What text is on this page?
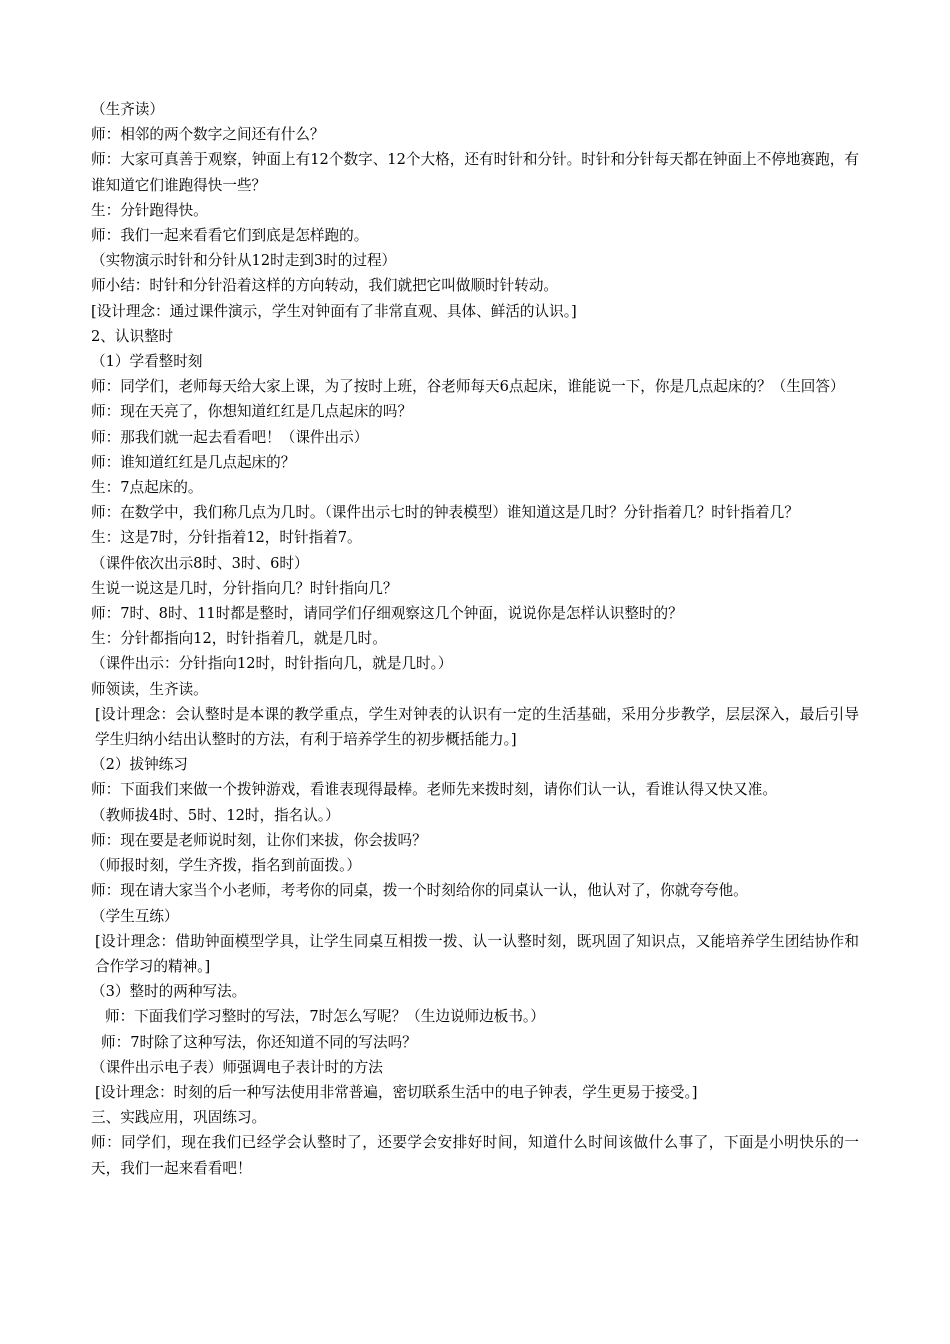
（生齐读）
师：相邻的两个数字之间还有什么？
师：大家可真善于观察，钟面上有12个数字、12个大格，还有时针和分针。时针和分针每天都在钟面上不停地赛跑，有谁知道它们谁跑得快一些？
生：分针跑得快。
师：我们一起来看看它们到底是怎样跑的。
（实物演示时针和分针从12时走到3时的过程）
师小结：时针和分针沿着这样的方向转动，我们就把它叫做顺时针转动。
[设计理念：通过课件演示，学生对钟面有了非常直观、具体、鲜活的认识。]
2、认识整时
（1）学看整时刻
师：同学们，老师每天给大家上课，为了按时上班，谷老师每天6点起床，谁能说一下，你是几点起床的？（生回答）
师：现在天亮了，你想知道红红是几点起床的吗？
师：那我们就一起去看看吧！（课件出示）
师：谁知道红红是几点起床的？
生：7点起床的。
师：在数学中，我们称几点为几时。（课件出示七时的钟表模型）谁知道这是几时？分针指着几？时针指着几？
生：这是7时，分针指着12，时针指着7。
（课件依次出示8时、3时、6时）
生说一说这是几时，分针指向几？时针指向几？
师：7时、8时、11时都是整时，请同学们仔细观察这几个钟面，说说你是怎样认识整时的？
生：分针都指向12，时针指着几，就是几时。
（课件出示：分针指向12时，时针指向几，就是几时。）
师领读，生齐读。
[设计理念：会认整时是本课的教学重点，学生对钟表的认识有一定的生活基础，采用分步教学，层层深入，最后引导学生归纳小结出认整时的方法，有利于培养学生的初步概括能力。]
（2）拔钟练习
师：下面我们来做一个拨钟游戏，看谁表现得最棒。老师先来拨时刻，请你们认一认，看谁认得又快又准。
（教师拔4时、5时、12时，指名认。）
师：现在要是老师说时刻，让你们来拔，你会拔吗？
（师报时刻，学生齐拨，指名到前面拨。）
师：现在请大家当个小老师，考考你的同桌，拨一个时刻给你的同桌认一认，他认对了，你就夸夸他。
（学生互练）
[设计理念：借助钟面模型学具，让学生同桌互相拨一拨、认一认整时刻，既巩固了知识点，又能培养学生团结协作和合作学习的精神。]
（3）整时的两种写法。
师：下面我们学习整时的写法，7时怎么写呢？（生边说师边板书。）
师：7时除了这种写法，你还知道不同的写法吗？
（课件出示电子表）师强调电子表计时的方法
[设计理念：时刻的后一种写法使用非常普遍，密切联系生活中的电子钟表，学生更易于接受。]
三、实践应用，巩固练习。
师：同学们，现在我们已经学会认整时了，还要学会安排好时间，知道什么时间该做什么事了，下面是小明快乐的一天，我们一起来看看吧！
